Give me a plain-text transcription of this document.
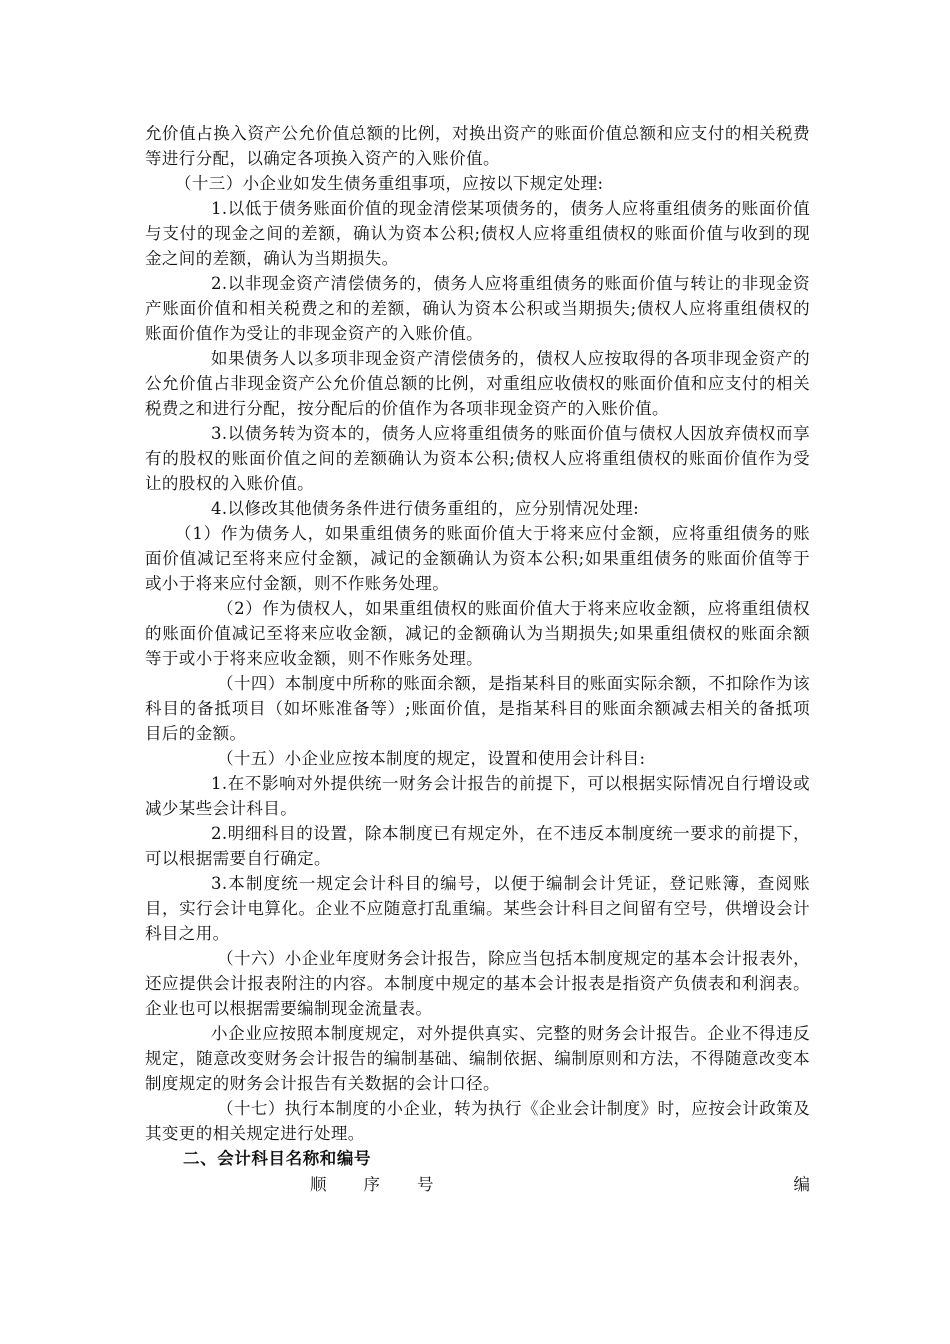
允价值占换入资产公允价值总额的比例，对换出资产的账面价值总额和应支付的相关税费等进行分配，以确定各项换入资产的入账价值。

（十三）小企业如发生债务重组事项，应按以下规定处理:

1.以低于债务账面价值的现金清偿某项债务的，债务人应将重组债务的账面价值与支付的现金之间的差额，确认为资本公积;债权人应将重组债权的账面价值与收到的现金之间的差额，确认为当期损失。

2.以非现金资产清偿债务的，债务人应将重组债务的账面价值与转让的非现金资产账面价值和相关税费之和的差额，确认为资本公积或当期损失;债权人应将重组债权的账面价值作为受让的非现金资产的入账价值。

如果债务人以多项非现金资产清偿债务的，债权人应按取得的各项非现金资产的公允价值占非现金资产公允价值总额的比例，对重组应收债权的账面价值和应支付的相关税费之和进行分配，按分配后的价值作为各项非现金资产的入账价值。

3.以债务转为资本的，债务人应将重组债务的账面价值与债权人因放弃债权而享有的股权的账面价值之间的差额确认为资本公积;债权人应将重组债权的账面价值作为受让的股权的入账价值。

4.以修改其他债务条件进行债务重组的，应分别情况处理:

（1）作为债务人，如果重组债务的账面价值大于将来应付金额，应将重组债务的账面价值减记至将来应付金额，减记的金额确认为资本公积;如果重组债务的账面价值等于或小于将来应付金额，则不作账务处理。

（2）作为债权人，如果重组债权的账面价值大于将来应收金额，应将重组债权的账面价值减记至将来应收金额，减记的金额确认为当期损失;如果重组债权的账面余额等于或小于将来应收金额，则不作账务处理。

（十四）本制度中所称的账面余额，是指某科目的账面实际余额，不扣除作为该科目的备抵项目（如坏账准备等）;账面价值，是指某科目的账面余额减去相关的备抵项目后的金额。

（十五）小企业应按本制度的规定，设置和使用会计科目:

1.在不影响对外提供统一财务会计报告的前提下，可以根据实际情况自行增设或减少某些会计科目。

2.明细科目的设置，除本制度已有规定外，在不违反本制度统一要求的前提下，可以根据需要自行确定。

3.本制度统一规定会计科目的编号，以便于编制会计凭证，登记账簿，查阅账目，实行会计电算化。企业不应随意打乱重编。某些会计科目之间留有空号，供增设会计科目之用。

（十六）小企业年度财务会计报告，除应当包括本制度规定的基本会计报表外，还应提供会计报表附注的内容。本制度中规定的基本会计报表是指资产负债表和利润表。企业也可以根据需要编制现金流量表。

小企业应按照本制度规定，对外提供真实、完整的财务会计报告。企业不得违反规定，随意改变财务会计报告的编制基础、编制依据、编制原则和方法，不得随意改变本制度规定的财务会计报告有关数据的会计口径。

（十七）执行本制度的小企业，转为执行《企业会计制度》时，应按会计政策及其变更的相关规定进行处理。

二、会计科目名称和编号

顺序号	编
